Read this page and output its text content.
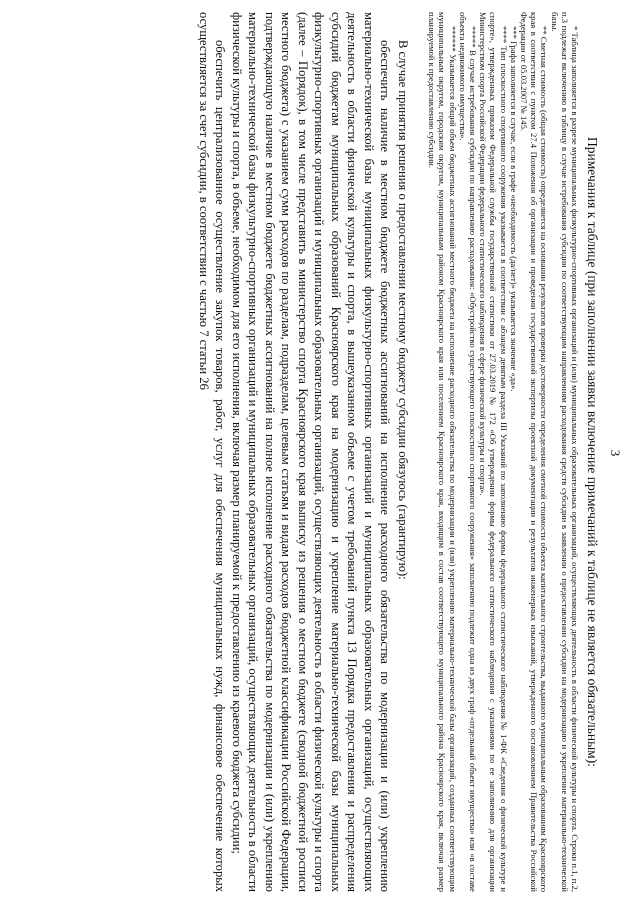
3
Примечания к таблице (при заполнении заявки включение примечаний к таблице не является обязательным):

* Таблица заполняется в разрезе муниципальных физкультурно-спортивных организаций и (или) муниципальных образовательных организаций, осуществляющих деятельность в области физической культуры и спорта. Строки п.1, п.2, п.3 подлежат включению в таблицу в случае истребования субсидии по соответствующим направлениям расходования средств субсидии в заявлении о предоставлении субсидии на модернизацию и укрепление материально-технической базы.

** Сметная стоимость (общая стоимость) определяется на основании результатов проверки достоверности определения сметной стоимости объекта капитального строительства, выданного муниципальным образованиям Красноярского края в соответствии с пунктом 27.4 Положения об организации и проведении государственной экспертизы проектной документации и результатов инженерных изысканий, утвержденного постановлением Правительства Российской Федерации от 05.03.2007 № 145.

*** Графа заполняется в случае, если в графе «необходимость (да/нет)» указывается значение «да».

**** Тип плоскостного спортивного сооружения указывается в соответствии с абзацем девятым раздела III Указаний по заполнению формы федерального статистического наблюдения № 1-ФК «Сведения о физической культуре и спорте», утвержденных приказом Федеральной службы государственной статистики от 27.03.2019 № 172 «Об утверждении формы федерального статистического наблюдения с указаниями по ее заполнению для организации Министерством спорта Российской Федерации федерального статистического наблюдения в сфере физической культуры и спорта».

***** В случае истребования субсидии по направлению расходования: «Обустройство существующего плоскостного спортивного сооружения» заполнению подлежит одна из двух граф «отдельный объект имущества» или «в составе объекта недвижимого имущества».

****** Указывается общий объем бюджетных ассигнований местного бюджета на исполнение расходного обязательства по модернизации и (или) укреплению материально-технической базы организаций, созданных соответствующим муниципальным округом, городским округом, муниципальным районом Красноярского края или поселением Красноярского края, входящим в состав соответствующего муниципального района Красноярского края, включая размер планируемой к предоставлению субсидии.

В случае принятия решения о предоставлении местному бюджету субсидии обязуюсь (гарантирую):

обеспечить наличие в местном бюджете бюджетных ассигнований на исполнение расходного обязательства по модернизации и (или) укреплению материально-технической базы муниципальных физкультурно-спортивных организаций и муниципальных образовательных организаций, осуществляющих деятельность в области физической культуры и спорта, в вышеуказанном объеме с учетом требований пункта 13 Порядка предоставления и распределения субсидий бюджетам муниципальных образований Красноярского края на модернизацию и укрепление материально-технической базы муниципальных физкультурно-спортивных организаций и муниципальных образовательных организаций, осуществляющих деятельность в области физической культуры и спорта (далее – Порядок), в том числе представить в министерство спорта Красноярского края выписку из решения о местном бюджете (сводной бюджетной росписи местного бюджета) с указанием сумм расходов по разделам, подразделам, целевым статьям и видам расходов бюджетной классификации Российской Федерации, подтверждающую наличие в местном бюджете бюджетных ассигнований на полное исполнение расходного обязательства по модернизации и (или) укреплению материально-технической базы физкультурно-спортивных организаций и муниципальных образовательных организаций, осуществляющих деятельность в области физической культуры и спорта, в объеме, необходимом для его исполнения, включая размер планируемой к предоставлению из краевого бюджета субсидии;

обеспечить централизованное осуществление закупок товаров, работ, услуг для обеспечения муниципальных нужд, финансовое обеспечение которых осуществляется за счет субсидии, в соответствии с частью 7 статьи 26
